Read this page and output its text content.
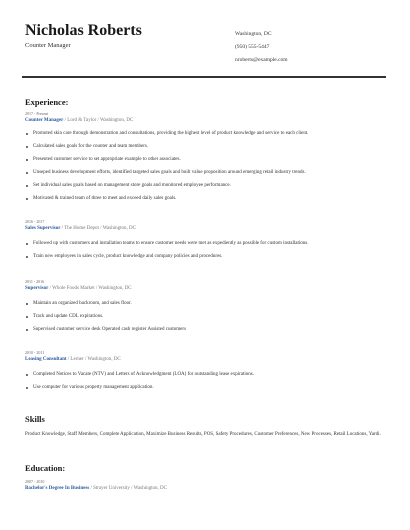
Nicholas Roberts
Counter Manager
Washington, DC
(950) 555-5447
nroberts@example.com
Experience:
2017 - Present
Counter Manager / Lord & Taylor / Washington, DC
Promoted skin care through demonstration and consultations, providing the highest level of product knowledge and service to each client.
Calculated sales goals for the counter and team members.
Presented customer service to set appropriate example to other associates.
Unseped business development efforts, identified targeted sales goals and built value proposition around emerging retail industry trends.
Set individual sales goals based on management store goals and monitored employee performance.
Motivated & trained team of three to meet and exceed daily sales goals.
2016 - 2017
Sales Supervisor / The Home Depot / Washington, DC
Followed up with customers and installation teams to ensure customer needs were met as expediently as possible for custom installations.
Train new employees in sales cycle, product knowledge and company policies and procedures.
2011 - 2016
Supervisor / Whole Foods Market / Washington, DC
Maintain an organized backroom, and sales floor.
Track and update CDL expirations.
Supervised customer service desk Operated cash register Assisted customers
2010 - 2011
Leasing Consultant / Lerner / Washington, DC
Completed Notices to Vacate (NTV) and Letters of Acknowledgment (LOA) for outstanding lease expirations.
Use computer for various property management application.
Skills
Product Knowledge, Staff Members, Complete Application, Maximize Business Results, POS, Safety Procedures, Customer Preferences, New Processes, Retail Locations, Yardi.
Education:
2007 - 2010
Bachelor's Degree In Business / Strayer University / Washington, DC
